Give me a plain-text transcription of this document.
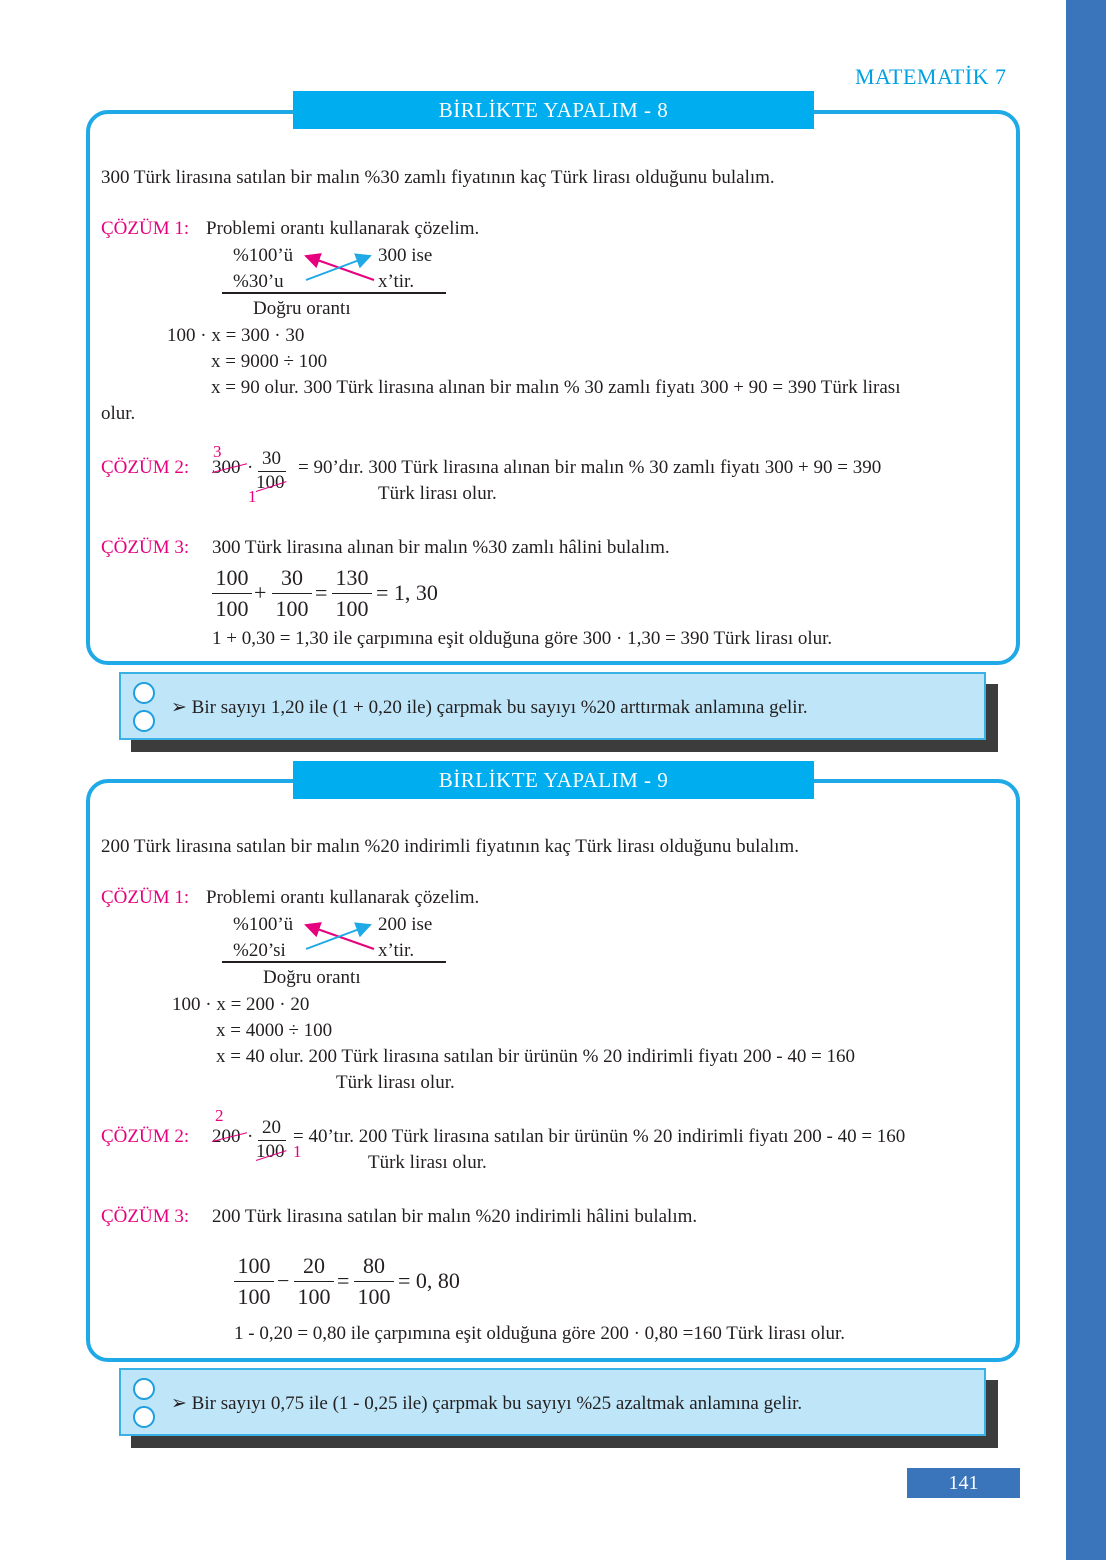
MATEMATİK 7
BİRLİKTE YAPALIM - 8
300 Türk lirasına satılan bir malın %30 zamlı fiyatının kaç Türk lirası olduğunu bulalım.
ÇÖZÜM 1: Problemi orantı kullanarak çözelim.
%100’ü	300 ise
%30’u	x’tir.
Doğru orantı
100 · x = 300 · 30
x = 9000 ÷ 100
x = 90 olur. 300 Türk lirasına alınan bir malın % 30 zamlı fiyatı 300 + 90 = 390 Türk lirası
olur.
ÇÖZÜM 2:
3
300 · 30
100
1
= 90’dır. 300 Türk lirasına alınan bir malın % 30 zamlı fiyatı 300 + 90 = 390
Türk lirası olur.
ÇÖZÜM 3: 300 Türk lirasına alınan bir malın %30 zamlı hâlini bulalım.
100
100
+
30
100
=
130
100
= 1, 30
1 + 0,30 = 1,30 ile çarpımına eşit olduğuna göre 300 · 1,30 = 390 Türk lirası olur.
➢ Bir sayıyı 1,20 ile (1 + 0,20 ile) çarpmak bu sayıyı %20 arttırmak anlamına gelir.
BİRLİKTE YAPALIM - 9
200 Türk lirasına satılan bir malın %20 indirimli fiyatının kaç Türk lirası olduğunu bulalım.
ÇÖZÜM 1: Problemi orantı kullanarak çözelim.
%100’ü	200 ise
%20’si	x’tir.
Doğru orantı
100 · x = 200 · 20
x = 4000 ÷ 100
x = 40 olur. 200 Türk lirasına satılan bir ürünün % 20 indirimli fiyatı 200 - 40 = 160
Türk lirası olur.
ÇÖZÜM 2:
2
200 · 20
100 1
= 40’tır. 200 Türk lirasına satılan bir ürünün % 20 indirimli fiyatı 200 - 40 = 160
Türk lirası olur.
ÇÖZÜM 3: 200 Türk lirasına satılan bir malın %20 indirimli hâlini bulalım.
100
100
−
20
100
=
80
100
= 0, 80
1 - 0,20 = 0,80 ile çarpımına eşit olduğuna göre 200 · 0,80 =160 Türk lirası olur.
➢ Bir sayıyı 0,75 ile (1 - 0,25 ile) çarpmak bu sayıyı %25 azaltmak anlamına gelir.
141
